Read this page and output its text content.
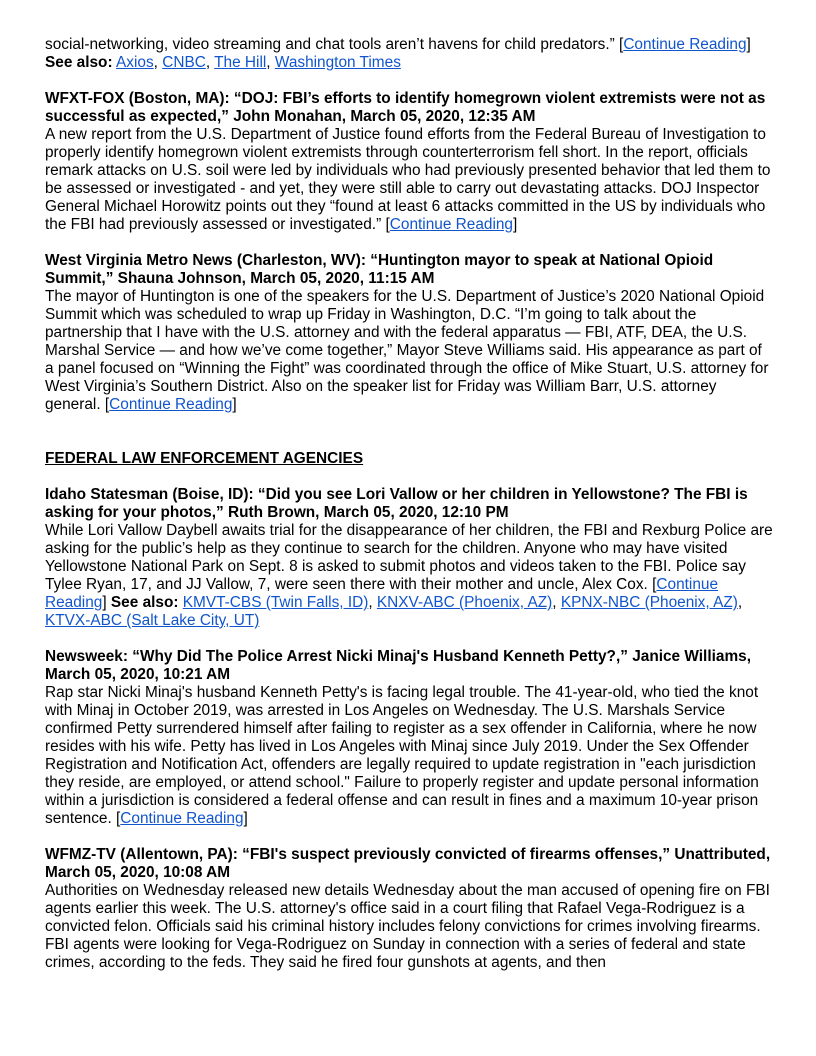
social-networking, video streaming and chat tools aren’t havens for child predators.” [Continue Reading] See also: Axios, CNBC, The Hill, Washington Times

WFXT-FOX (Boston, MA): “DOJ: FBI’s efforts to identify homegrown violent extremists were not as successful as expected,” John Monahan, March 05, 2020, 12:35 AM

A new report from the U.S. Department of Justice found efforts from the Federal Bureau of Investigation to properly identify homegrown violent extremists through counterterrorism fell short. In the report, officials remark attacks on U.S. soil were led by individuals who had previously presented behavior that led them to be assessed or investigated - and yet, they were still able to carry out devastating attacks. DOJ Inspector General Michael Horowitz points out they “found at least 6 attacks committed in the US by individuals who the FBI had previously assessed or investigated.” [Continue Reading]

West Virginia Metro News (Charleston, WV): “Huntington mayor to speak at National Opioid Summit,” Shauna Johnson, March 05, 2020, 11:15 AM

The mayor of Huntington is one of the speakers for the U.S. Department of Justice’s 2020 National Opioid Summit which was scheduled to wrap up Friday in Washington, D.C. “I’m going to talk about the partnership that I have with the U.S. attorney and with the federal apparatus — FBI, ATF, DEA, the U.S. Marshal Service — and how we’ve come together,” Mayor Steve Williams said. His appearance as part of a panel focused on “Winning the Fight” was coordinated through the office of Mike Stuart, U.S. attorney for West Virginia’s Southern District. Also on the speaker list for Friday was William Barr, U.S. attorney general. [Continue Reading]

FEDERAL LAW ENFORCEMENT AGENCIES

Idaho Statesman (Boise, ID): “Did you see Lori Vallow or her children in Yellowstone? The FBI is asking for your photos,” Ruth Brown, March 05, 2020, 12:10 PM

While Lori Vallow Daybell awaits trial for the disappearance of her children, the FBI and Rexburg Police are asking for the public’s help as they continue to search for the children. Anyone who may have visited Yellowstone National Park on Sept. 8 is asked to submit photos and videos taken to the FBI. Police say Tylee Ryan, 17, and JJ Vallow, 7, were seen there with their mother and uncle, Alex Cox. [Continue Reading] See also: KMVT-CBS (Twin Falls, ID), KNXV-ABC (Phoenix, AZ), KPNX-NBC (Phoenix, AZ), KTVX-ABC (Salt Lake City, UT)

Newsweek: “Why Did The Police Arrest Nicki Minaj's Husband Kenneth Petty?,” Janice Williams, March 05, 2020, 10:21 AM

Rap star Nicki Minaj's husband Kenneth Petty's is facing legal trouble. The 41-year-old, who tied the knot with Minaj in October 2019, was arrested in Los Angeles on Wednesday. The U.S. Marshals Service confirmed Petty surrendered himself after failing to register as a sex offender in California, where he now resides with his wife. Petty has lived in Los Angeles with Minaj since July 2019. Under the Sex Offender Registration and Notification Act, offenders are legally required to update registration in "each jurisdiction they reside, are employed, or attend school." Failure to properly register and update personal information within a jurisdiction is considered a federal offense and can result in fines and a maximum 10-year prison sentence. [Continue Reading]

WFMZ-TV (Allentown, PA): “FBI's suspect previously convicted of firearms offenses,” Unattributed, March 05, 2020, 10:08 AM

Authorities on Wednesday released new details Wednesday about the man accused of opening fire on FBI agents earlier this week. The U.S. attorney's office said in a court filing that Rafael Vega-Rodriguez is a convicted felon. Officials said his criminal history includes felony convictions for crimes involving firearms. FBI agents were looking for Vega-Rodriguez on Sunday in connection with a series of federal and state crimes, according to the feds. They said he fired four gunshots at agents, and then
